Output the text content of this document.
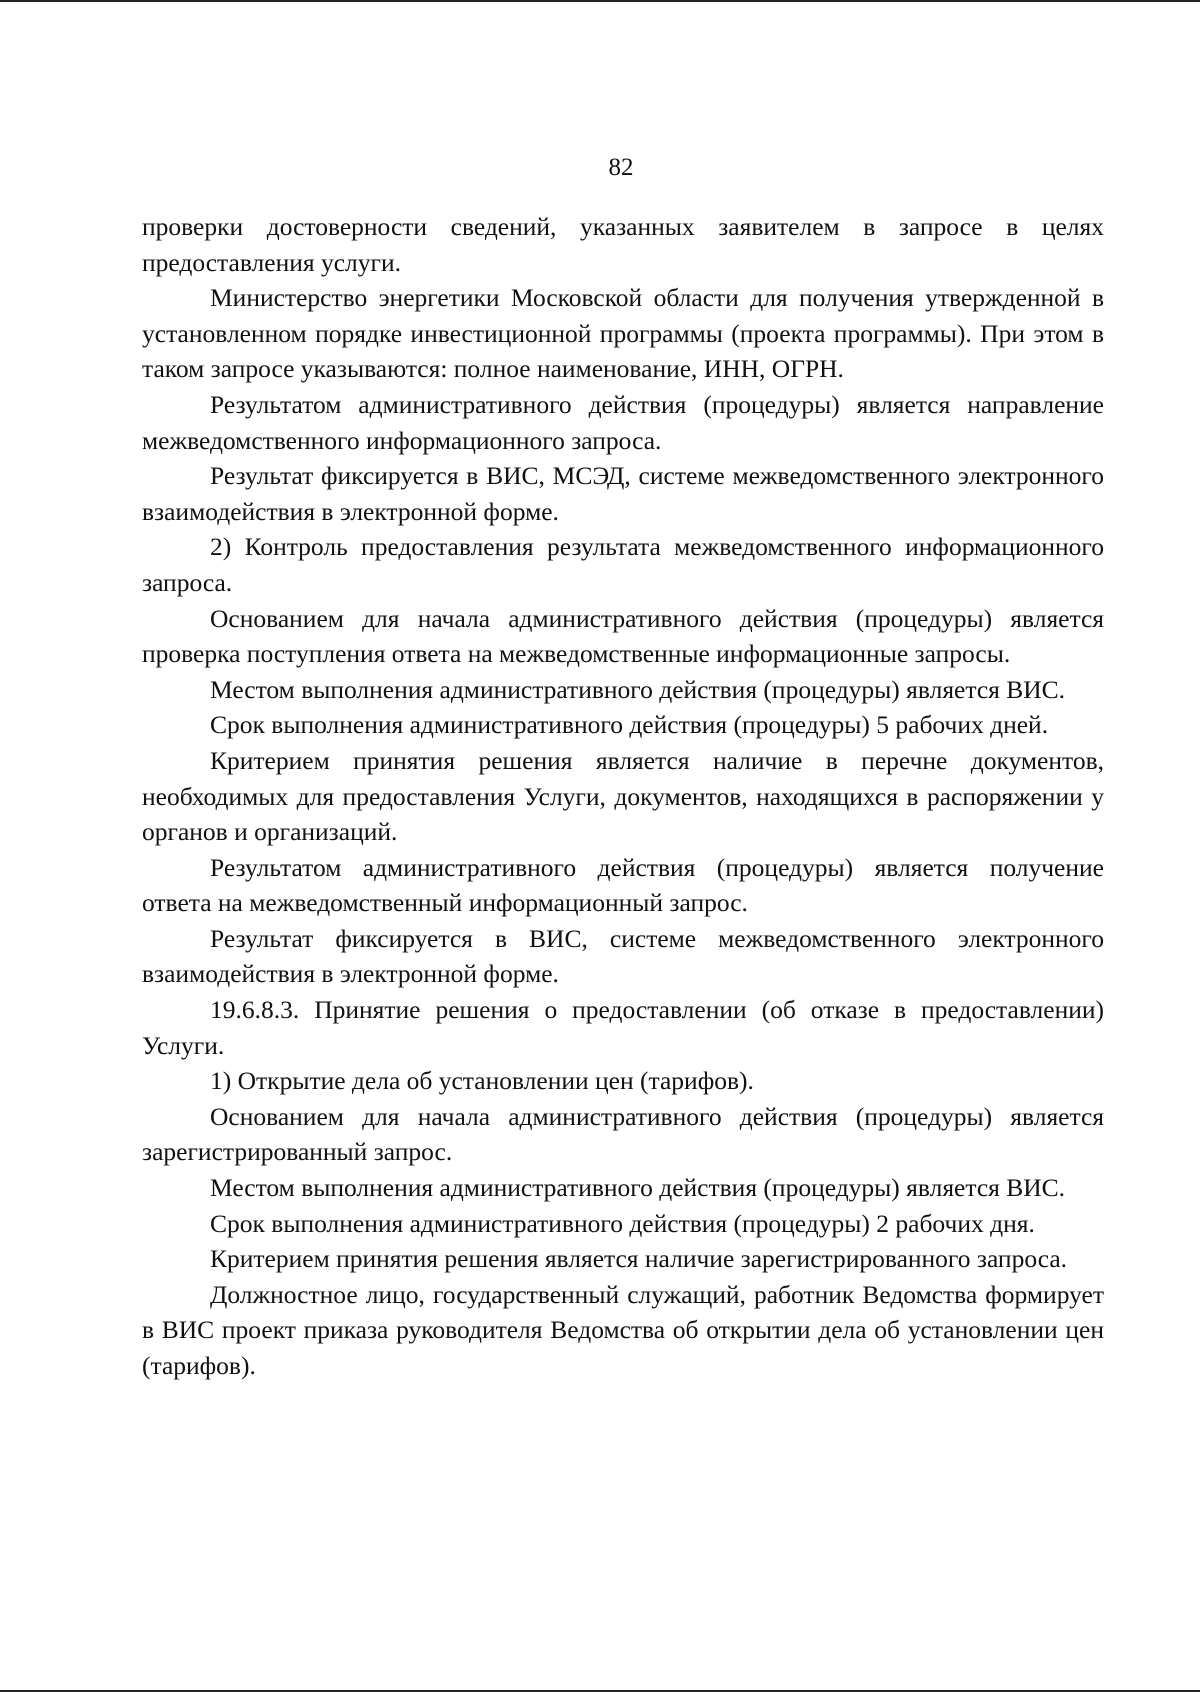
82

проверки достоверности сведений, указанных заявителем в запросе в целях предоставления услуги.

Министерство энергетики Московской области для получения утвержденной в установленном порядке инвестиционной программы (проекта программы). При этом в таком запросе указываются: полное наименование, ИНН, ОГРН.

Результатом административного действия (процедуры) является направление межведомственного информационного запроса.

Результат фиксируется в ВИС, МСЭД, системе межведомственного электронного взаимодействия в электронной форме.

2) Контроль предоставления результата межведомственного информационного запроса.

Основанием для начала административного действия (процедуры) является проверка поступления ответа на межведомственные информационные запросы.

Местом выполнения административного действия (процедуры) является ВИС.

Срок выполнения административного действия (процедуры) 5 рабочих дней.

Критерием принятия решения является наличие в перечне документов, необходимых для предоставления Услуги, документов, находящихся в распоряжении у органов и организаций.

Результатом административного действия (процедуры) является получение ответа на межведомственный информационный запрос.

Результат фиксируется в ВИС, системе межведомственного электронного взаимодействия в электронной форме.

19.6.8.3. Принятие решения о предоставлении (об отказе в предоставлении) Услуги.

1) Открытие дела об установлении цен (тарифов).

Основанием для начала административного действия (процедуры) является зарегистрированный запрос.

Местом выполнения административного действия (процедуры) является ВИС.

Срок выполнения административного действия (процедуры) 2 рабочих дня.

Критерием принятия решения является наличие зарегистрированного запроса.

Должностное лицо, государственный служащий, работник Ведомства формирует в ВИС проект приказа руководителя Ведомства об открытии дела об установлении цен (тарифов).
